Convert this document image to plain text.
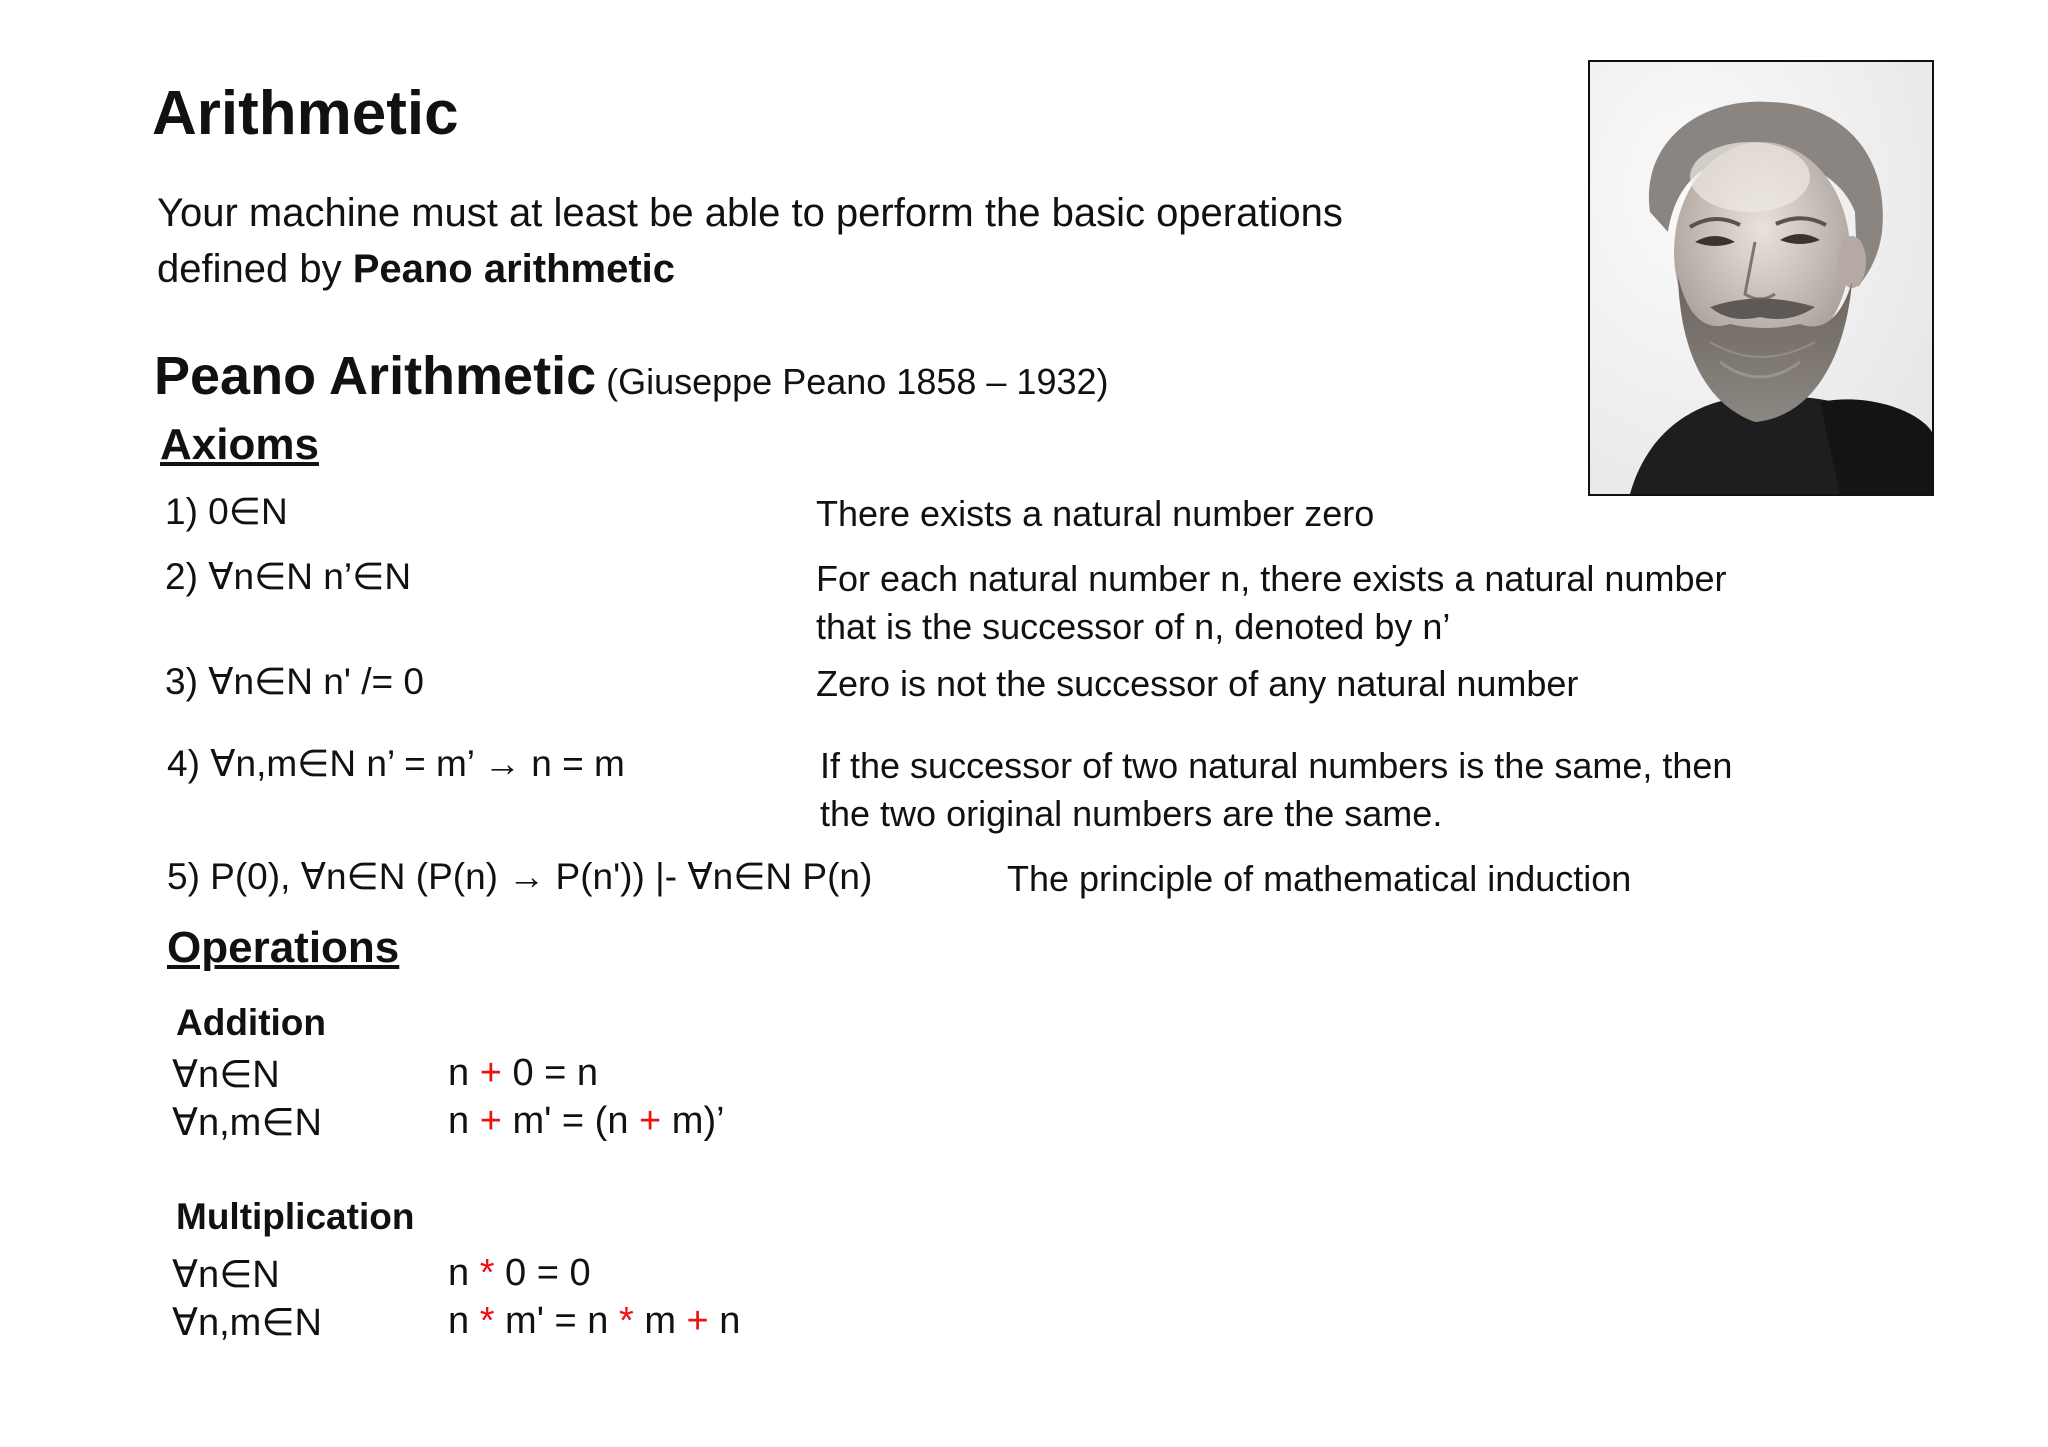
Arithmetic
Your machine must at least be able to perform the basic operations
defined by Peano arithmetic
Peano Arithmetic (Giuseppe Peano 1858 – 1932)
Axioms
1) 0∈N	There exists a natural number zero
2) ∀n∈N n’∈N	For each natural number n, there exists a natural number
that is the successor of n, denoted by n’
3) ∀n∈N n' /= 0	Zero is not the successor of any natural number
4) ∀n,m∈N n’ = m’ → n = m	If the successor of two natural numbers is the same, then
the two original numbers are the same.
5) P(0), ∀n∈N (P(n) → P(n')) |- ∀n∈N P(n)	The principle of mathematical induction
Operations
Addition
∀n∈N	n + 0 = n
∀n,m∈N	n + m' = (n + m)’
Multiplication
∀n∈N	n * 0 = 0
∀n,m∈N	n * m' = n * m + n
